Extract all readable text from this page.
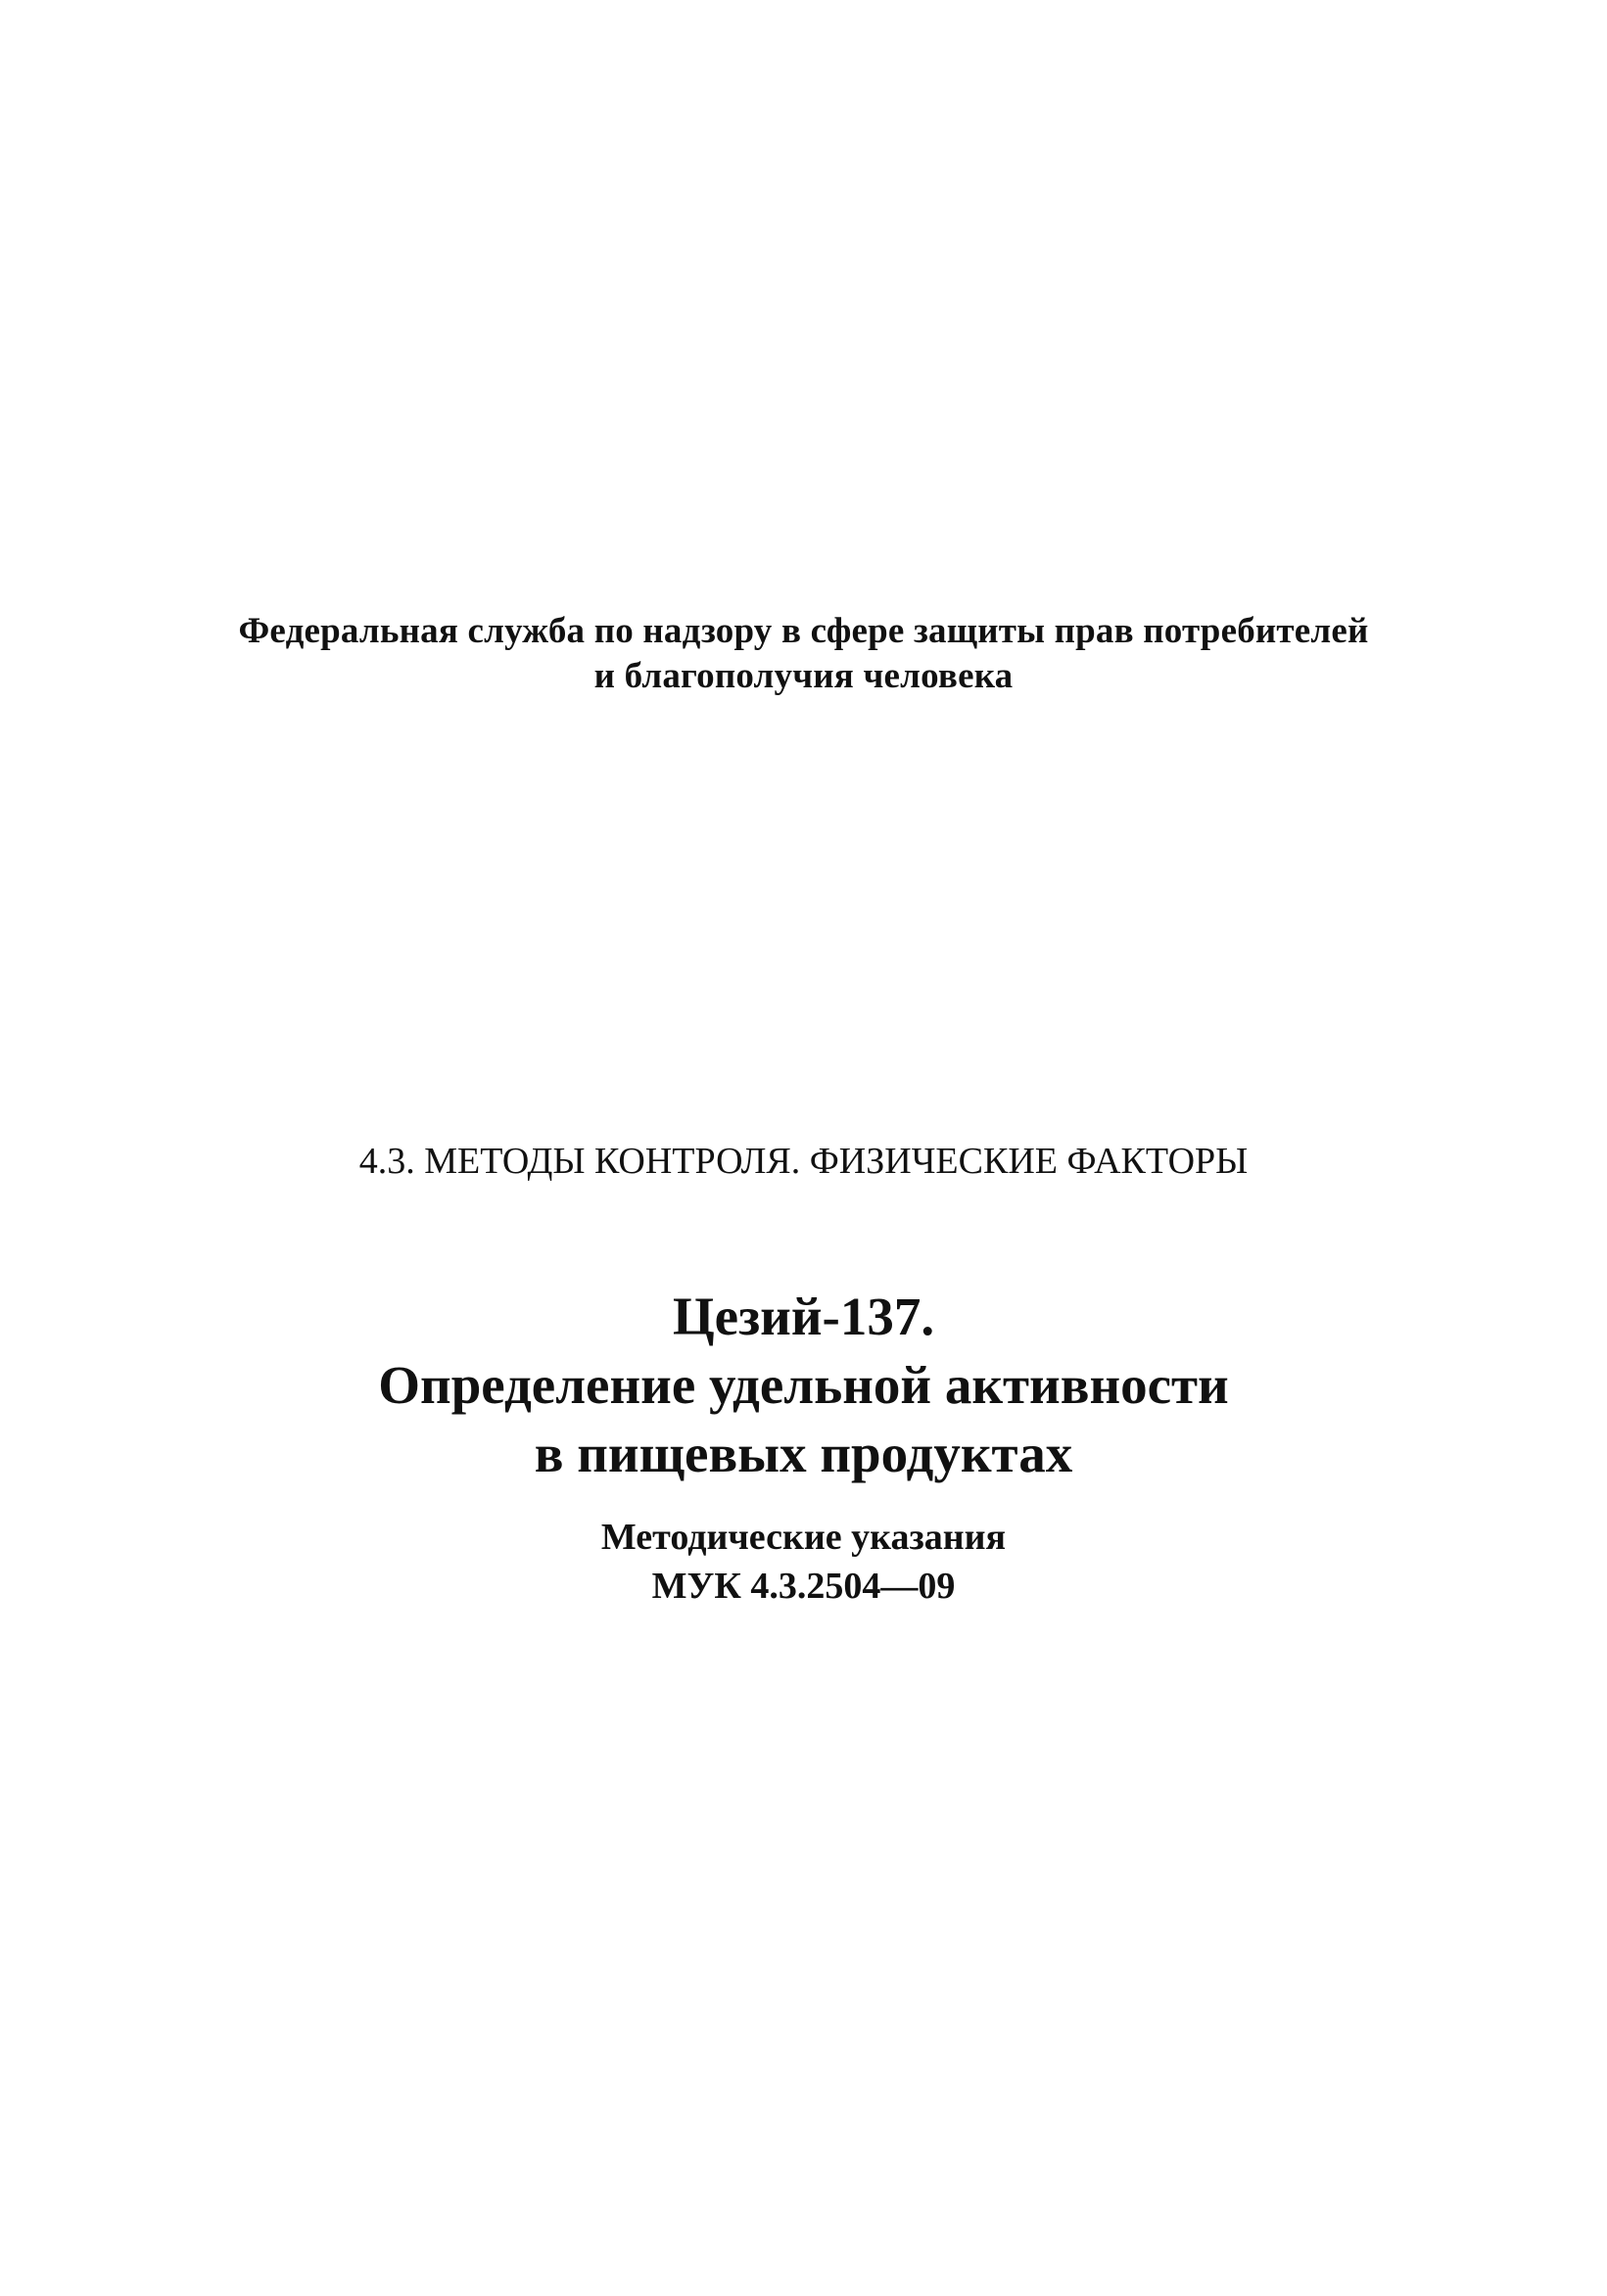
Федеральная служба по надзору в сфере защиты прав потребителей
и благополучия человека
4.3. МЕТОДЫ КОНТРОЛЯ. ФИЗИЧЕСКИЕ ФАКТОРЫ
Цезий-137.
Определение удельной активности
в пищевых продуктах
Методические указания
МУК 4.3.2504—09
